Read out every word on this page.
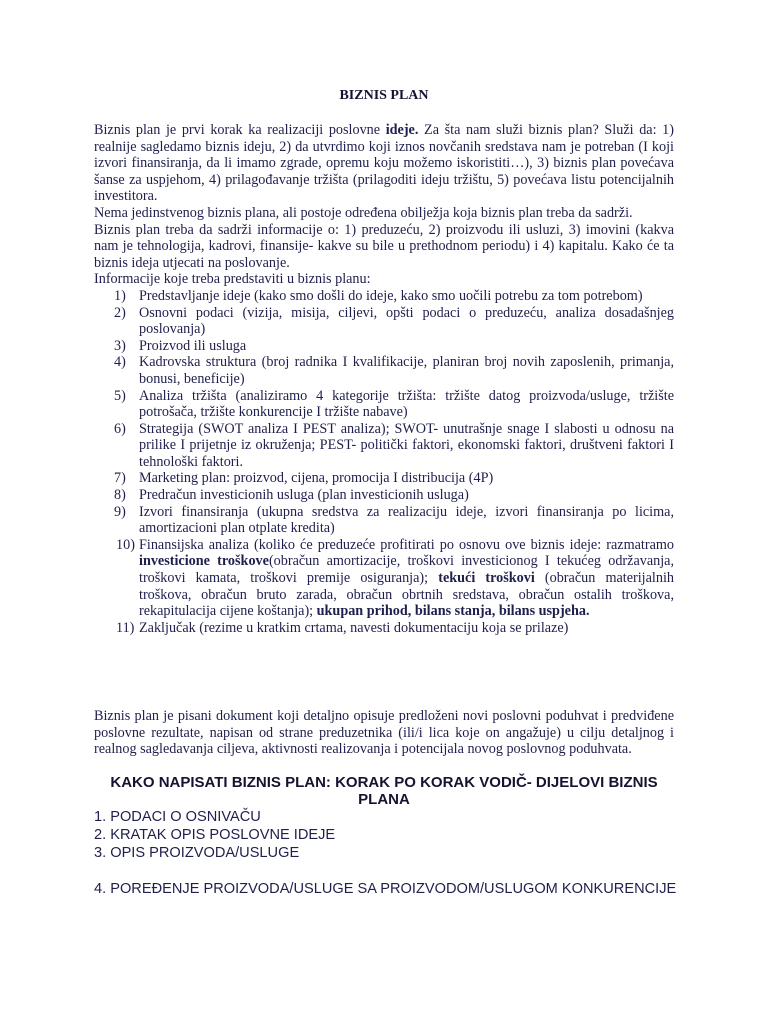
BIZNIS PLAN

Biznis plan je prvi korak ka realizaciji poslovne ideje. Za šta nam služi biznis plan? Služi da: 1) realnije sagledamo biznis ideju, 2) da utvrdimo koji iznos novčanih sredstava nam je potreban (I koji izvori finansiranja, da li imamo zgrade, opremu koju možemo iskoristiti…), 3) biznis plan povećava šanse za uspjehom, 4) prilagođavanje tržišta (prilagoditi ideju tržištu, 5) povećava listu potencijalnih investitora.

Nema jedinstvenog biznis plana, ali postoje određena obilježja koja biznis plan treba da sadrži.

Biznis plan treba da sadrži informacije o: 1) preduzeću, 2) proizvodu ili usluzi, 3) imovini (kakva nam je tehnologija, kadrovi, finansije- kakve su bile u prethodnom periodu) i 4) kapitalu. Kako će ta biznis ideja utjecati na poslovanje.

Informacije koje treba predstaviti u biznis planu:

1) Predstavljanje ideje (kako smo došli do ideje, kako smo uočili potrebu za tom potrebom)
2) Osnovni podaci (vizija, misija, ciljevi, opšti podaci o preduzeću, analiza dosadašnjeg poslovanja)
3) Proizvod ili usluga
4) Kadrovska struktura (broj radnika I kvalifikacije, planiran broj novih zaposlenih, primanja, bonusi, beneficije)
5) Analiza tržišta (analiziramo 4 kategorije tržišta: tržište datog proizvoda/usluge, tržište potrošača, tržište konkurencije I tržište nabave)
6) Strategija (SWOT analiza I PEST analiza); SWOT- unutrašnje snage I slabosti u odnosu na prilike I prijetnje iz okruženja; PEST- politički faktori, ekonomski faktori, društveni faktori I tehnološki faktori.
7) Marketing plan: proizvod, cijena, promocija I distribucija (4P)
8) Predračun investicionih usluga (plan investicionih usluga)
9) Izvori finansiranja (ukupna sredstva za realizaciju ideje, izvori finansiranja po licima, amortizacioni plan otplate kredita)
10) Finansijska analiza (koliko će preduzeće profitirati po osnovu ove biznis ideje: razmatramo investicione troškove(obračun amortizacije, troškovi investicionog I tekućeg održavanja, troškovi kamata, troškovi premije osiguranja); tekući troškovi (obračun materijalnih troškova, obračun bruto zarada, obračun obrtnih sredstava, obračun ostalih troškova, rekapitulacija cijene koštanja); ukupan prihod, bilans stanja, bilans uspjeha.
11) Zaključak (rezime u kratkim crtama, navesti dokumentaciju koja se prilaze)
Biznis plan je pisani dokument koji detaljno opisuje predloženi novi poslovni poduhvat i predviđene poslovne rezultate, napisan od strane preduzetnika (ili/i lica koje on angažuje) u cilju detaljnog i realnog sagledavanja ciljeva, aktivnosti realizovanja i potencijala novog poslovnog poduhvata.
KAKO NAPISATI BIZNIS PLAN: KORAK PO KORAK VODIČ- DIJELOVI BIZNIS PLANA
1. PODACI O OSNIVAČU
2. KRATAK OPIS POSLOVNE IDEJE
3. OPIS PROIZVODA/USLUGE
4. POREĐENJE PROIZVODA/USLUGE SA PROIZVODOM/USLUGOM KONKURENCIJE
